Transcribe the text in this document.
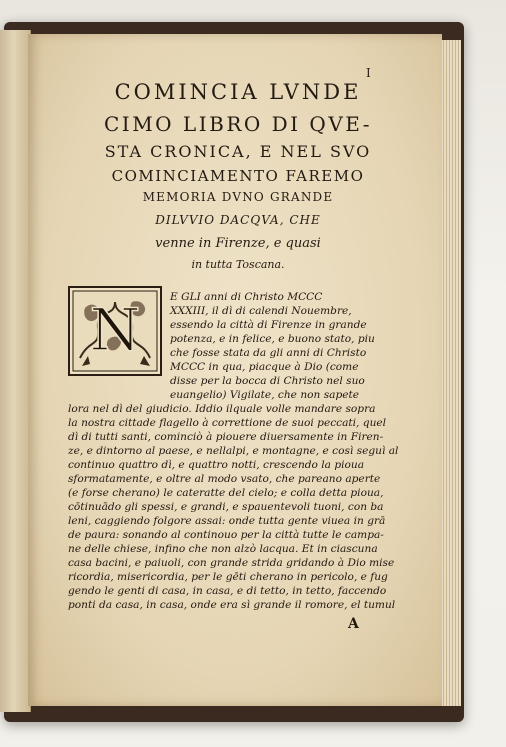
I
COMINCIA LVNDE
CIMO LIBRO DI QVE-
STA CRONICA, E NEL SVO
COMINCIAMENTO FAREMO
MEMORIA DVNO GRANDE
DILVVIO DACQVA, CHE
venne in Firenze, e quasi
in tutta Toscana.
N	E GLI anni di Christo MCCC
XXXIII, il dì di calendi Nouembre,
essendo la città di Firenze in grande
potenza, e in felice, e buono stato, piu
che fosse stata da gli anni di Christo
MCCC in qua, piacque à Dio (come
disse per la bocca di Christo nel suo
euangelio) Vigilate, che non sapete
lora nel dì del giudicio. Iddio ilquale volle mandare sopra
la nostra cittade flagello à correttione de suoi peccati, quel
dì di tutti santi, cominciò à piouere diuersamente in Firen-
ze, e dintorno al paese, e nellalpi, e montagne, e così seguì al
continuo quattro dì, e quattro notti, crescendo la pioua
sformatamente, e oltre al modo vsato, che pareano aperte
(e forse cherano) le cateratte del cielo; e colla detta pioua,
cōtinuādo gli spessi, e grandi, e spauentevoli tuoni, con ba
leni, caggiendo folgore assai: onde tutta gente viuea in grā
de paura: sonando al continouo per la città tutte le campa-
ne delle chiese, infino che non alzò lacqua. Et in ciascuna
casa bacini, e paiuoli, con grande strida gridando à Dio mise
ricordia, misericordia, per le gēti cherano in pericolo, e fug
gendo le genti di casa, in casa, e di tetto, in tetto, faccendo
ponti da casa, in casa, onde era sì grande il romore, el tumul
A
